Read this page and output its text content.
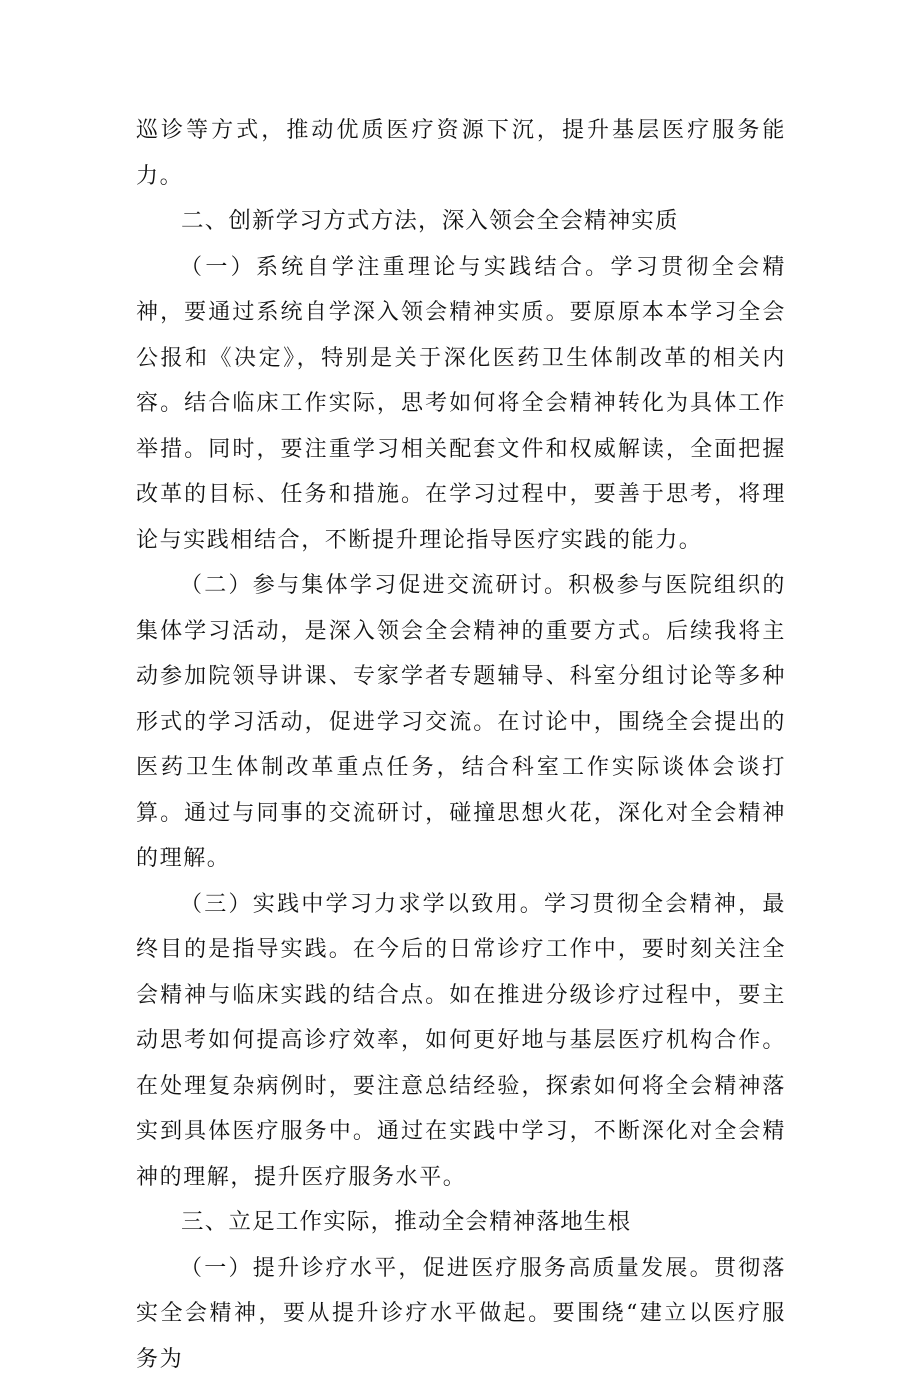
巡诊等方式，推动优质医疗资源下沉，提升基层医疗服务能力。

二、创新学习方式方法，深入领会全会精神实质

（一）系统自学注重理论与实践结合。学习贯彻全会精神，要通过系统自学深入领会精神实质。要原原本本学习全会公报和《决定》，特别是关于深化医药卫生体制改革的相关内容。结合临床工作实际，思考如何将全会精神转化为具体工作举措。同时，要注重学习相关配套文件和权威解读，全面把握改革的目标、任务和措施。在学习过程中，要善于思考，将理论与实践相结合，不断提升理论指导医疗实践的能力。

（二）参与集体学习促进交流研讨。积极参与医院组织的集体学习活动，是深入领会全会精神的重要方式。后续我将主动参加院领导讲课、专家学者专题辅导、科室分组讨论等多种形式的学习活动，促进学习交流。在讨论中，围绕全会提出的医药卫生体制改革重点任务，结合科室工作实际谈体会谈打算。通过与同事的交流研讨，碰撞思想火花，深化对全会精神的理解。

（三）实践中学习力求学以致用。学习贯彻全会精神，最终目的是指导实践。在今后的日常诊疗工作中，要时刻关注全会精神与临床实践的结合点。如在推进分级诊疗过程中，要主动思考如何提高诊疗效率，如何更好地与基层医疗机构合作。在处理复杂病例时，要注意总结经验，探索如何将全会精神落实到具体医疗服务中。通过在实践中学习，不断深化对全会精神的理解，提升医疗服务水平。

三、立足工作实际，推动全会精神落地生根

（一）提升诊疗水平，促进医疗服务高质量发展。贯彻落实全会精神，要从提升诊疗水平做起。要围绕“建立以医疗服务为
